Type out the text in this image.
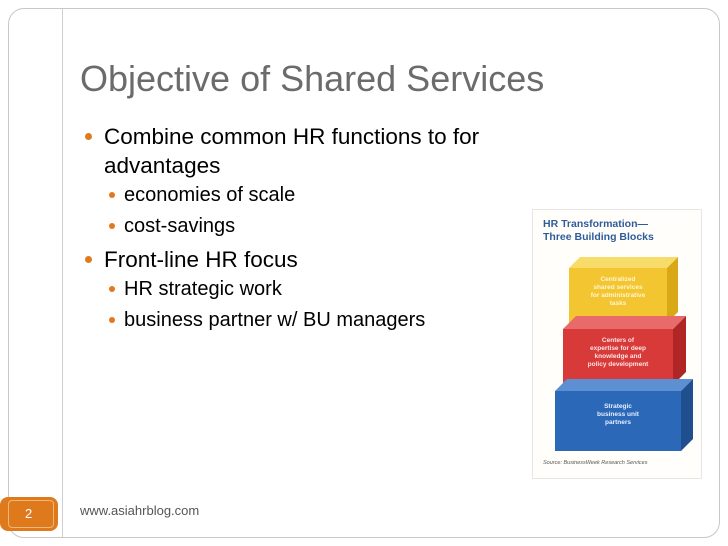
Objective of Shared Services
Combine common HR functions to for advantages
economies of scale
cost-savings
Front-line HR focus
HR strategic work
business partner w/ BU managers
HR Transformation—
Three Building Blocks
Centralized
shared services
for administrative
tasks
Centers of
expertise for deep
knowledge and
policy development
Strategic
business unit
partners
Source: BusinessWeek Research Services
www.asiahrblog.com
2
